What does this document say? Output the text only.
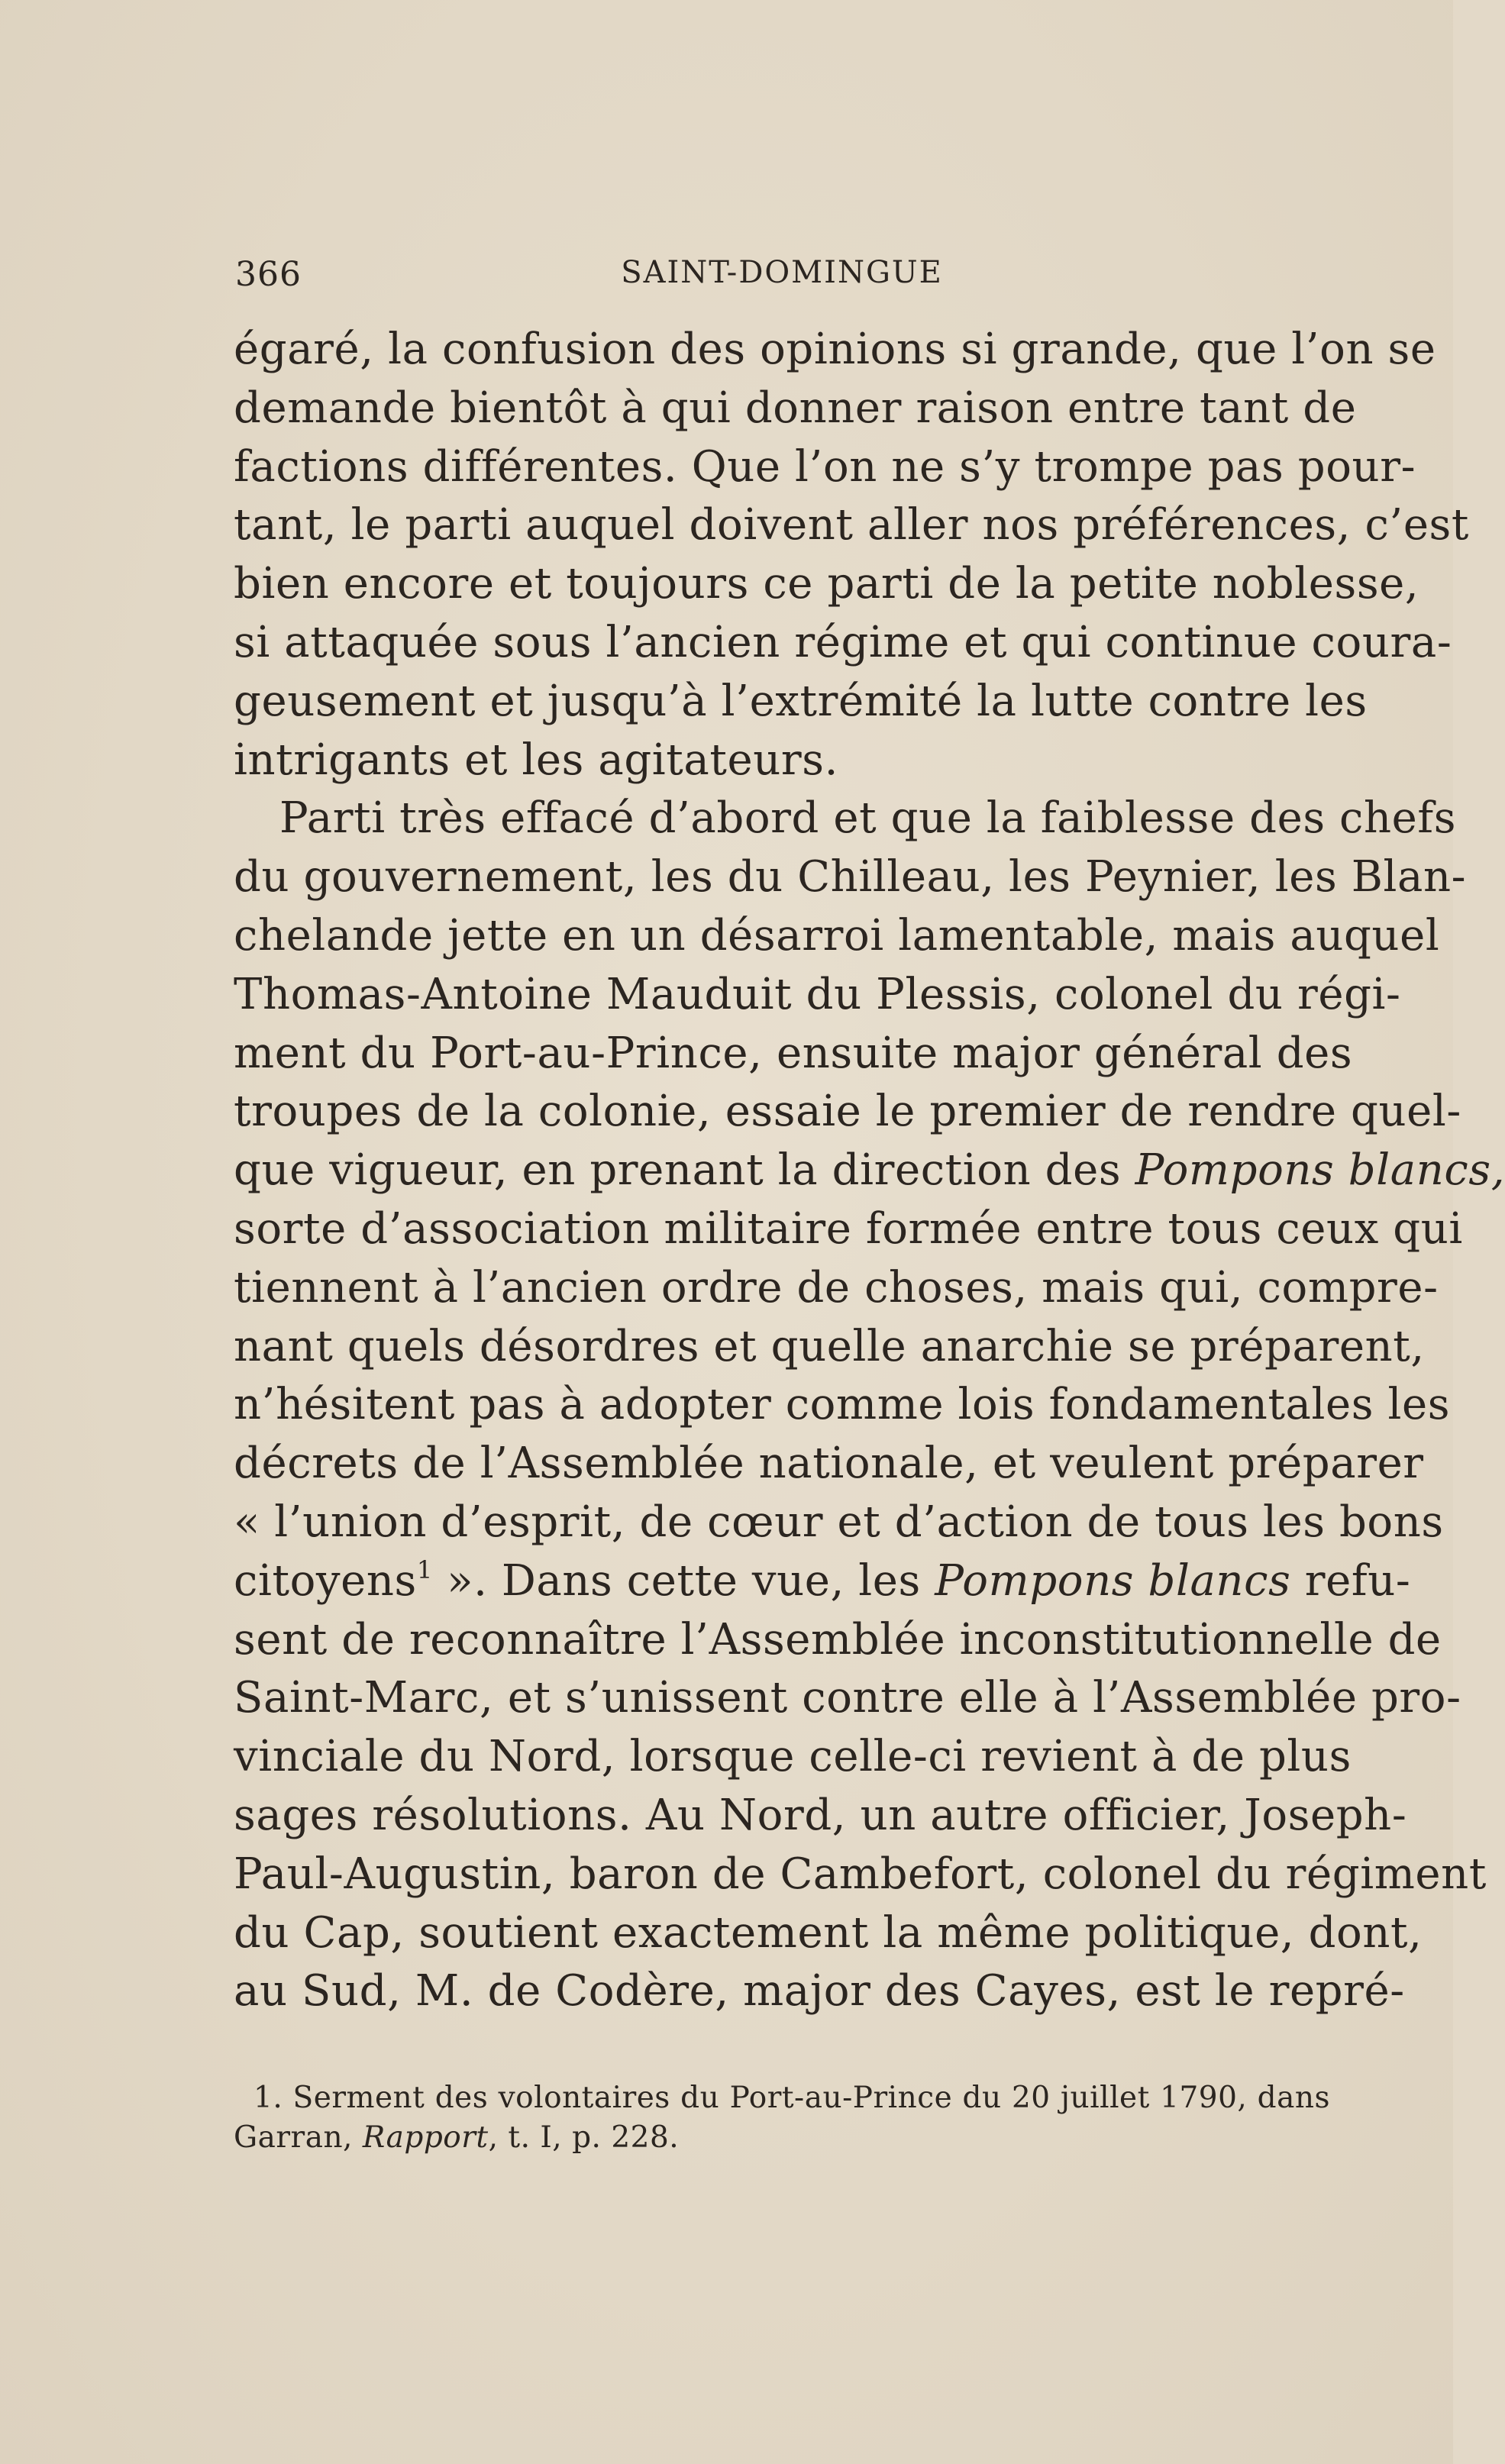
366	SAINT-DOMINGUE
égaré, la confusion des opinions si grande, que l’on se
demande bientôt à qui donner raison entre tant de
factions différentes. Que l’on ne s’y trompe pas pour-
tant, le parti auquel doivent aller nos préférences, c’est
bien encore et toujours ce parti de la petite noblesse,
si attaquée sous l’ancien régime et qui continue coura-
geusement et jusqu’à l’extrémité la lutte contre les
intrigants et les agitateurs.
Parti très effacé d’abord et que la faiblesse des chefs
du gouvernement, les du Chilleau, les Peynier, les Blan-
chelande jette en un désarroi lamentable, mais auquel
Thomas-Antoine Mauduit du Plessis, colonel du régi-
ment du Port-au-Prince, ensuite major général des
troupes de la colonie, essaie le premier de rendre quel-
que vigueur, en prenant la direction des Pompons blancs,
sorte d’association militaire formée entre tous ceux qui
tiennent à l’ancien ordre de choses, mais qui, compre-
nant quels désordres et quelle anarchie se préparent,
n’hésitent pas à adopter comme lois fondamentales les
décrets de l’Assemblée nationale, et veulent préparer
« l’union d’esprit, de cœur et d’action de tous les bons
citoyens$^1$ ». Dans cette vue, les Pompons blancs refu-
sent de reconnaître l’Assemblée inconstitutionnelle de
Saint-Marc, et s’unissent contre elle à l’Assemblée pro-
vinciale du Nord, lorsque celle-ci revient à de plus
sages résolutions. Au Nord, un autre officier, Joseph-
Paul-Augustin, baron de Cambefort, colonel du régiment
du Cap, soutient exactement la même politique, dont,
au Sud, M. de Codère, major des Cayes, est le repré-
1. Serment des volontaires du Port-au-Prince du 20 juillet 1790, dans
Garran, Rapport, t. I, p. 228.
